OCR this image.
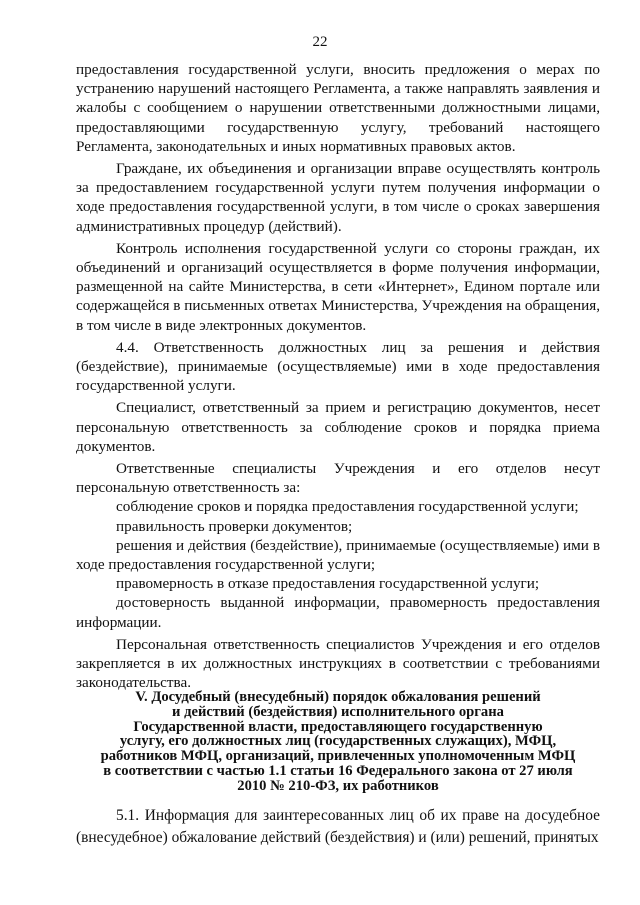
22

предоставления государственной услуги, вносить предложения о мерах по устранению нарушений настоящего Регламента, а также направлять заявления и жалобы с сообщением о нарушении ответственными должностными лицами, предоставляющими государственную услугу, требований настоящего Регламента, законодательных и иных нормативных правовых актов.

Граждане, их объединения и организации вправе осуществлять контроль за предоставлением государственной услуги путем получения информации о ходе предоставления государственной услуги, в том числе о сроках завершения административных процедур (действий).

Контроль исполнения государственной услуги со стороны граждан, их объединений и организаций осуществляется в форме получения информации, размещенной на сайте Министерства, в сети «Интернет», Едином портале или содержащейся в письменных ответах Министерства, Учреждения на обращения, в том числе в виде электронных документов.

4.4. Ответственность должностных лиц за решения и действия (бездействие), принимаемые (осуществляемые) ими в ходе предоставления государственной услуги.

Специалист, ответственный за прием и регистрацию документов, несет персональную ответственность за соблюдение сроков и порядка приема документов.

Ответственные специалисты Учреждения и его отделов несут персональную ответственность за:

соблюдение сроков и порядка предоставления государственной услуги;

правильность проверки документов;

решения и действия (бездействие), принимаемые (осуществляемые) ими в ходе предоставления государственной услуги;

правомерность в отказе предоставления государственной услуги;

достоверность выданной информации, правомерность предоставления информации.

Персональная ответственность специалистов Учреждения и его отделов закрепляется в их должностных инструкциях в соответствии с требованиями законодательства.

V. Досудебный (внесудебный) порядок обжалования решений
и действий (бездействия) исполнительного органа
Государственной власти, предоставляющего государственную
услугу, его должностных лиц (государственных служащих), МФЦ,
работников МФЦ, организаций, привлеченных уполномоченным МФЦ
в соответствии с частью 1.1 статьи 16 Федерального закона от 27 июля
2010 № 210-ФЗ, их работников

5.1. Информация для заинтересованных лиц об их праве на досудебное (внесудебное) обжалование действий (бездействия) и (или) решений, принятых
